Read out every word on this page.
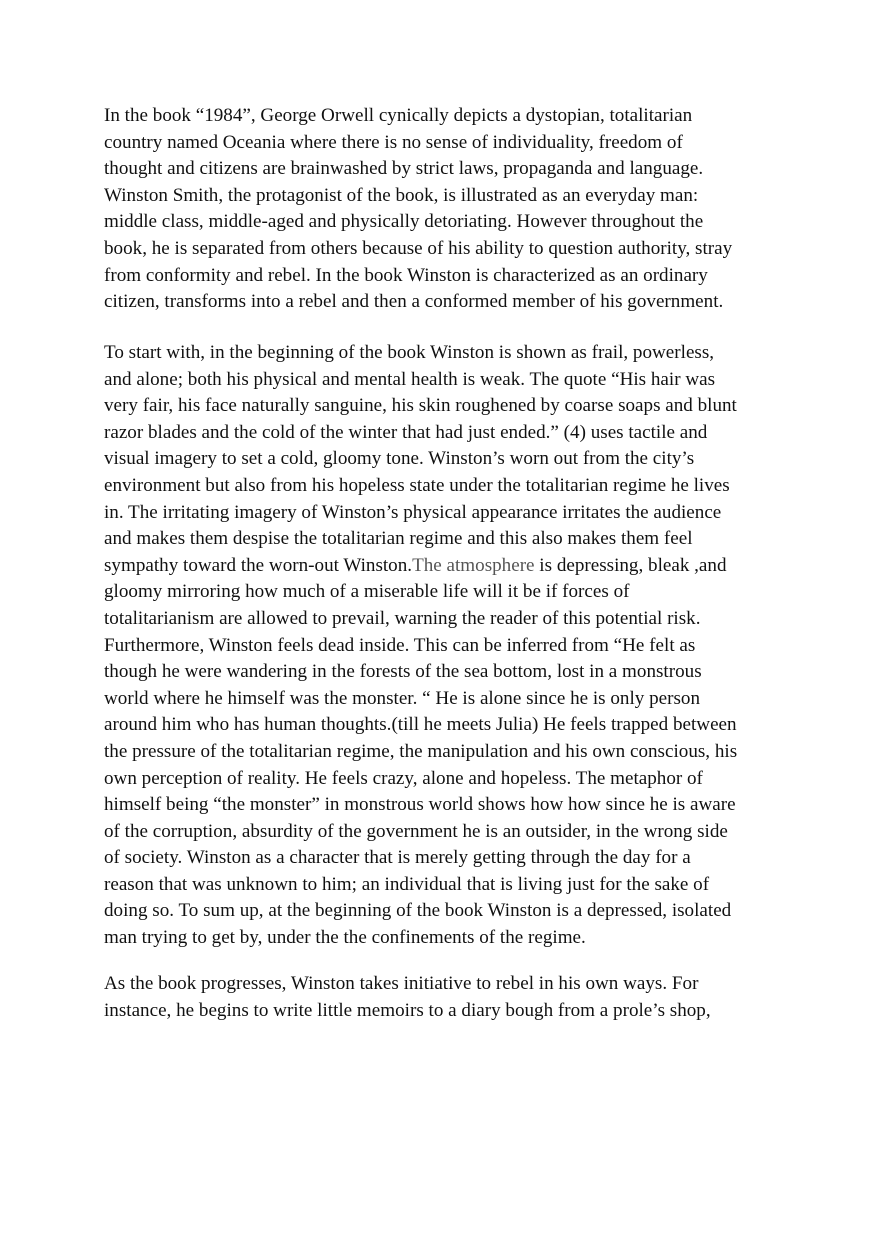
In the book “1984”, George Orwell cynically depicts a dystopian, totalitarian
country named Oceania where there is no sense of individuality, freedom of
thought and citizens are brainwashed by strict laws, propaganda and language.
Winston Smith, the protagonist of the book, is illustrated as an everyday man:
middle class, middle-aged and physically detoriating. However throughout the
book, he is separated from others because of his ability to question authority, stray
from conformity and rebel. In the book Winston is characterized as an ordinary
citizen, transforms into a rebel and then a conformed member of his government.

To start with, in the beginning of the book Winston is shown as frail, powerless,
and alone; both his physical and mental health is weak. The quote “His hair was
very fair, his face naturally sanguine, his skin roughened by coarse soaps and blunt
razor blades and the cold of the winter that had just ended.” (4) uses tactile and
visual imagery to set a cold, gloomy tone. Winston’s worn out from the city’s
environment but also from his hopeless state under the totalitarian regime he lives
in. The irritating imagery of Winston’s physical appearance irritates the audience
and makes them despise the totalitarian regime and this also makes them feel
sympathy toward the worn-out Winston.The atmosphere is depressing, bleak ,and
gloomy mirroring how much of a miserable life will it be if forces of
totalitarianism are allowed to prevail, warning the reader of this potential risk.
Furthermore, Winston feels dead inside. This can be inferred from “He felt as
though he were wandering in the forests of the sea bottom, lost in a monstrous
world where he himself was the monster. “ He is alone since he is only person
around him who has human thoughts.(till he meets Julia) He feels trapped between
the pressure of the totalitarian regime, the manipulation and his own conscious, his
own perception of reality. He feels crazy, alone and hopeless. The metaphor of
himself being “the monster” in monstrous world shows how how since he is aware
of the corruption, absurdity of the government he is an outsider, in the wrong side
of society. Winston as a character that is merely getting through the day for a
reason that was unknown to him; an individual that is living just for the sake of
doing so. To sum up, at the beginning of the book Winston is a depressed, isolated
man trying to get by, under the the confinements of the regime.

As the book progresses, Winston takes initiative to rebel in his own ways. For
instance, he begins to write little memoirs to a diary bough from a prole’s shop,
